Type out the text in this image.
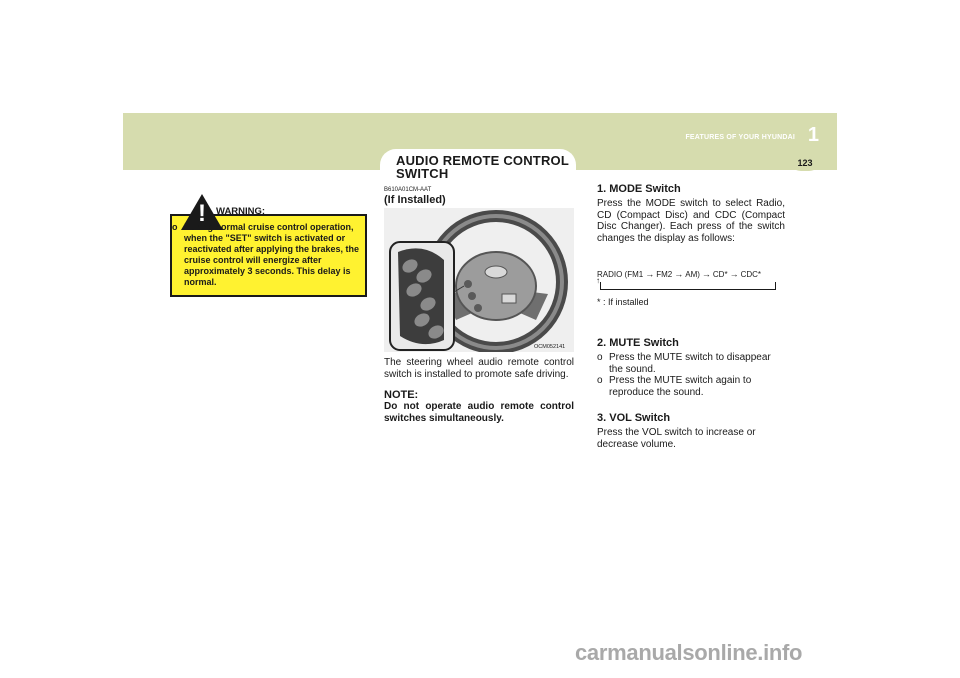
FEATURES OF YOUR HYUNDAI 1
123
AUDIO REMOTE CONTROL SWITCH
!	WARNING:
o During normal cruise control operation, when the "SET" switch is activated or reactivated after applying the brakes, the cruise control will energize after approximately 3 seconds. This delay is normal.
B610A01CM-AAT
(If Installed)
OCM052141
The steering wheel audio remote control switch is installed to promote safe driving.
NOTE:
Do not operate audio remote control switches simultaneously.
1. MODE Switch
Press the MODE switch to select Radio, CD (Compact Disc) and CDC (Compact Disc Changer). Each press of the switch changes the display as follows:
RADIO (FM1 → FM2 → AM) → CD* → CDC*
↑
* : If installed
2. MUTE Switch
o Press the MUTE switch to disappear the sound.
o Press the MUTE switch again to reproduce the sound.
3. VOL Switch
Press the VOL switch to increase or decrease volume.
carmanualsonline.info
